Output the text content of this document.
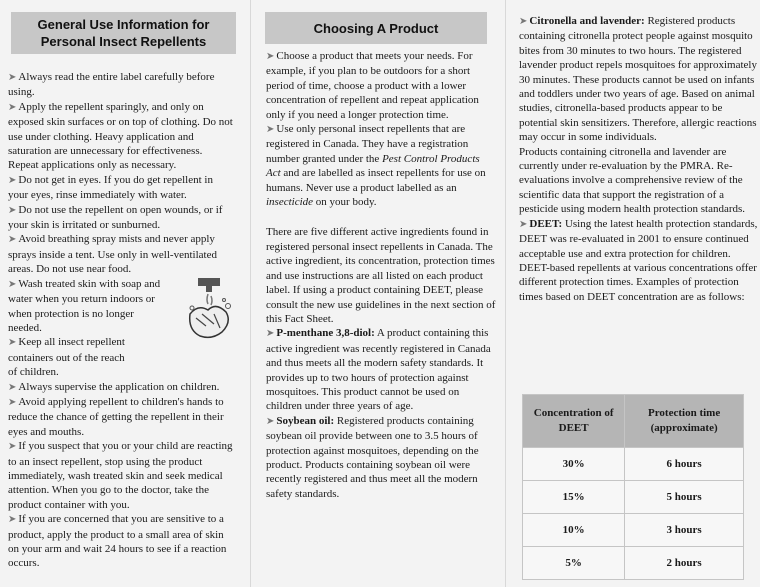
General Use Information for Personal Insect Repellents

➤ Always read the entire label carefully before using.

➤ Apply the repellent sparingly, and only on exposed skin surfaces or on top of clothing. Do not use under clothing. Heavy application and saturation are unnecessary for effectiveness. Repeat applications only as necessary.

➤ Do not get in eyes. If you do get repellent in your eyes, rinse immediately with water.

➤ Do not use the repellent on open wounds, or if your skin is irritated or sunburned.

➤ Avoid breathing spray mists and never apply sprays inside a tent. Use only in well-ventilated areas. Do not use near food.

➤ Wash treated skin with soap and water when you return indoors or when protection is no longer needed.

➤ Keep all insect repellent containers out of the reach of children.

➤ Always supervise the application on children.

➤ Avoid applying repellent to children's hands to reduce the chance of getting the repellent in their eyes and mouths.

➤ If you suspect that you or your child are reacting to an insect repellent, stop using the product immediately, wash treated skin and seek medical attention. When you go to the doctor, take the product container with you.

➤ If you are concerned that you are sensitive to a product, apply the product to a small area of skin on your arm and wait 24 hours to see if a reaction occurs.

Choosing A Product

➤ Choose a product that meets your needs. For example, if you plan to be outdoors for a short period of time, choose a product with a lower concentration of repellent and repeat application only if you need a longer protection time.

➤ Use only personal insect repellents that are registered in Canada. They have a registration number granted under the Pest Control Products Act and are labelled as insect repellents for use on humans. Never use a product labelled as an insecticide on your body.

There are five different active ingredients found in registered personal insect repellents in Canada. The active ingredient, its concentration, protection times and use instructions are all listed on each product label. If using a product containing DEET, please consult the new use guidelines in the next section of this Fact Sheet.

➤ P-menthane 3,8-diol: A product containing this active ingredient was recently registered in Canada and thus meets all the modern safety standards. It provides up to two hours of protection against mosquitoes. This product cannot be used on children under three years of age.

➤ Soybean oil: Registered products containing soybean oil provide between one to 3.5 hours of protection against mosquitoes, depending on the product. Products containing soybean oil were recently registered and thus meet all the modern safety standards.

➤ Citronella and lavender: Registered products containing citronella protect people against mosquito bites from 30 minutes to two hours. The registered lavender product repels mosquitoes for approximately 30 minutes. These products cannot be used on infants and toddlers under two years of age. Based on animal studies, citronella-based products appear to be potential skin sensitizers. Therefore, allergic reactions may occur in some individuals.

Products containing citronella and lavender are currently under re-evaluation by the PMRA. Re-evaluations involve a comprehensive review of the scientific data that support the registration of a pesticide using modern health protection standards.

➤ DEET: Using the latest health protection standards, DEET was re-evaluated in 2001 to ensure continued acceptable use and extra protection for children. DEET-based repellents at various concentrations offer different protection times. Examples of protection times based on DEET concentration are as follows:

Concentration of DEET	Protection time (approximate)
30%	6 hours
15%	5 hours
10%	3 hours
5%	2 hours
